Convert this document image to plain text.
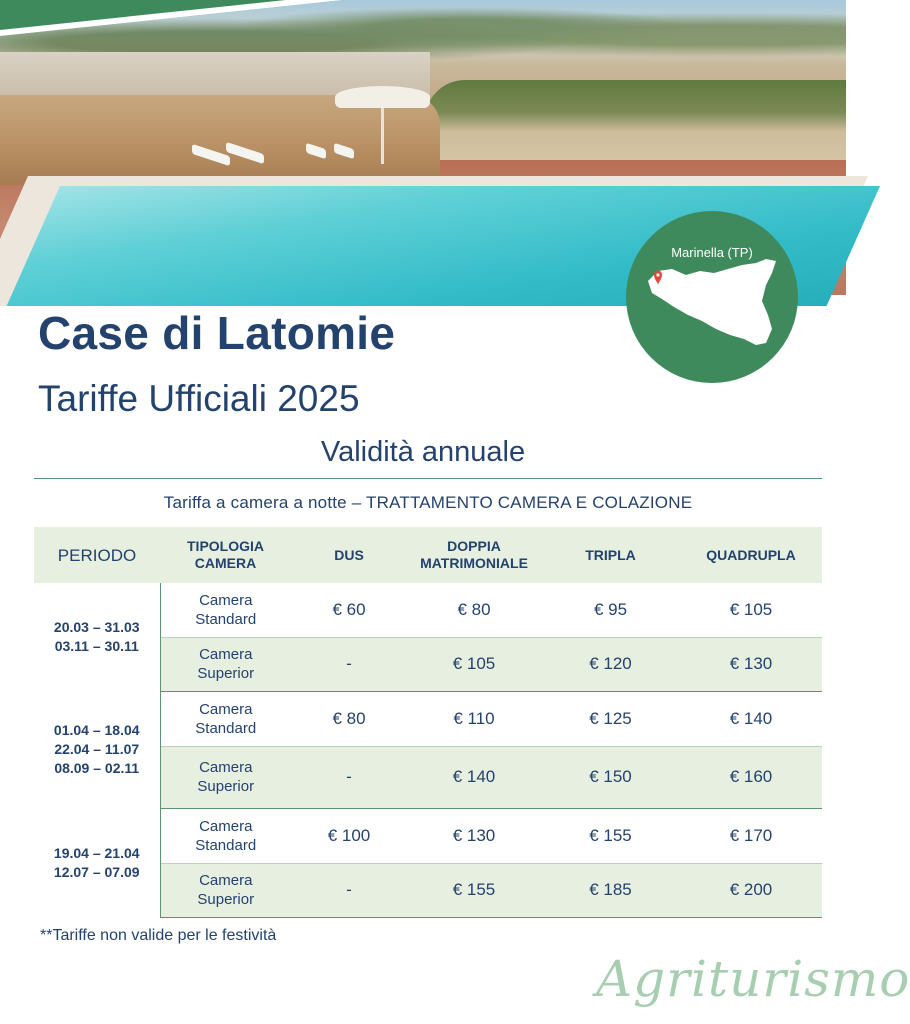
Marinella (TP)
Case di Latomie
Tariffe Ufficiali 2025
Validità annuale
Tariffa a camera a notte – TRATTAMENTO CAMERA E COLAZIONE
PERIODO	TIPOLOGIA CAMERA	DUS	DOPPIA MATRIMONIALE	TRIPLA	QUADRUPLA

20.03 – 31.03
03.11 – 30.11	Camera Standard	€ 60	€ 80	€ 95	€ 105
	Camera Superior	-	€ 105	€ 120	€ 130

01.04 – 18.04
22.04 – 11.07
08.09 – 02.11	Camera Standard	€ 80	€ 110	€ 125	€ 140
	Camera Superior	-	€ 140	€ 150	€ 160

19.04 – 21.04
12.07 – 07.09	Camera Standard	€ 100	€ 130	€ 155	€ 170
	Camera Superior	-	€ 155	€ 185	€ 200
**Tariffe non valide per le festività
Agriturismo
